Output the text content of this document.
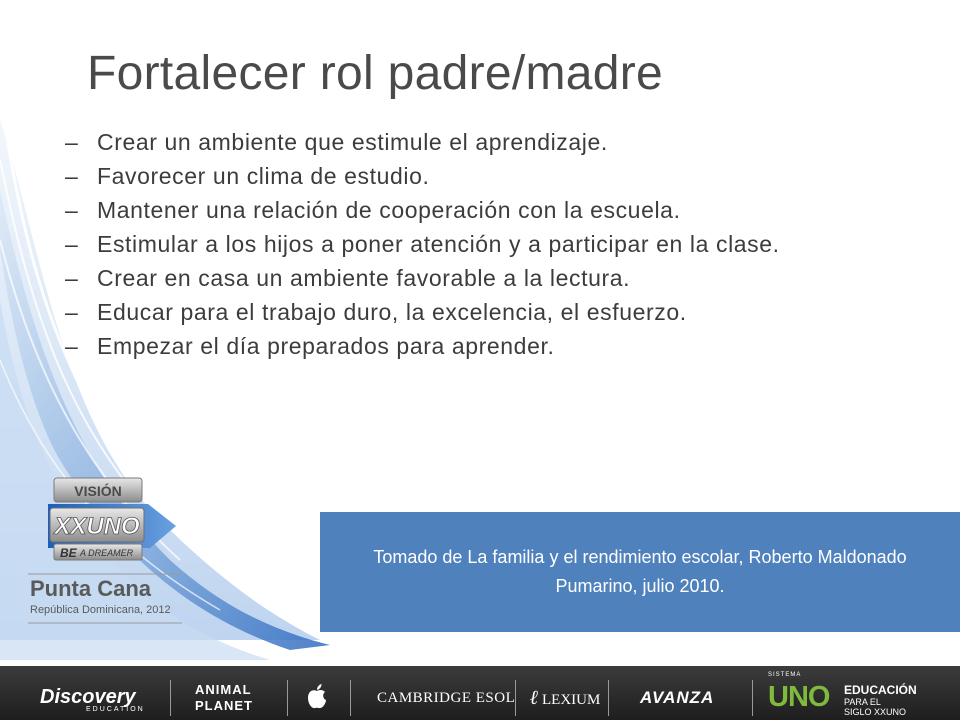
Fortalecer rol padre/madre
– Crear un ambiente que estimule el aprendizaje.
– Favorecer un clima de estudio.
– Mantener una relación de cooperación con la escuela.
– Estimular a los hijos a poner atención y a participar en la clase.
– Crear en casa un ambiente favorable a la lectura.
– Educar para el trabajo duro, la excelencia, el esfuerzo.
– Empezar el día preparados para aprender.
VISIÓN
XXUNO
BE A DREAMER
Punta Cana
República Dominicana, 2012
Tomado de La familia y el rendimiento escolar, Roberto Maldonado Pumarino, julio 2010.
Discovery
EDUCATION
ANIMAL
PLANET	CAMBRIDGE ESOL ℓ LEXIUM AVANZA
SISTEMA
UNO EDUCACIÓN
PARA EL
SIGLO XXUNO
